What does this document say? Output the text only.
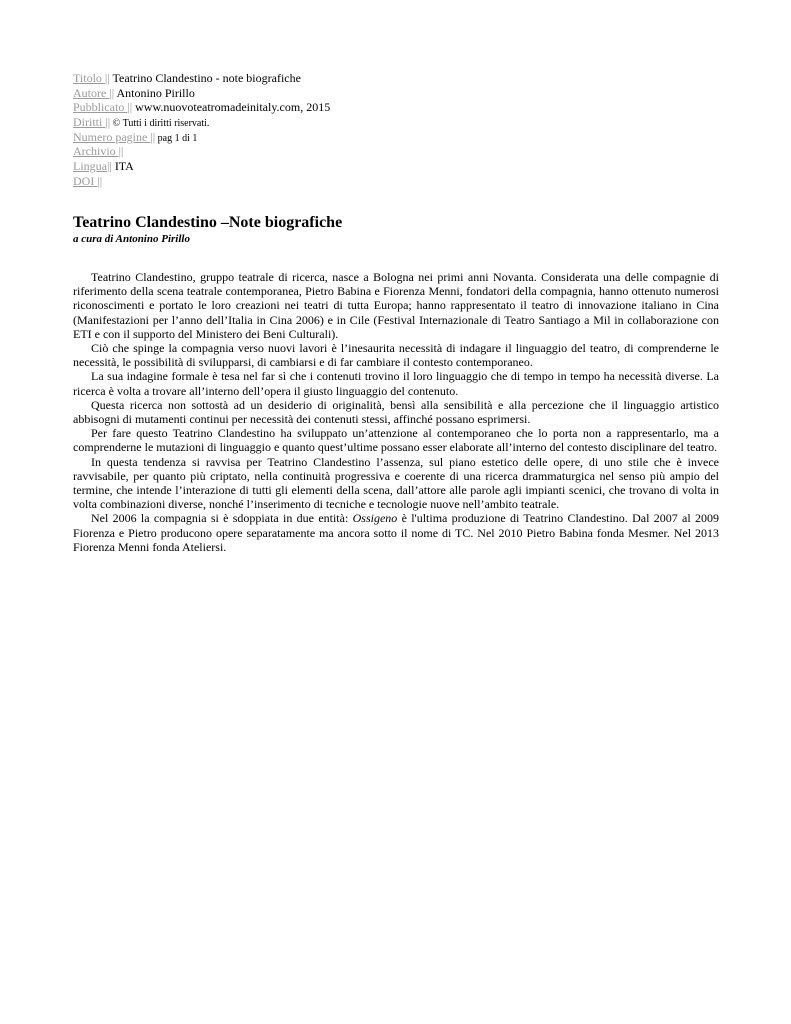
Titolo || Teatrino Clandestino - note biografiche
Autore || Antonino Pirillo
Pubblicato || www.nuovoteatromadeinitaly.com, 2015
Diritti || © Tutti i diritti riservati.
Numero pagine || pag 1 di 1
Archivio ||
Lingua|| ITA
DOI ||
Teatrino Clandestino –Note biografiche

a cura di Antonino Pirillo

Teatrino Clandestino, gruppo teatrale di ricerca, nasce a Bologna nei primi anni Novanta. Considerata una delle compagnie di riferimento della scena teatrale contemporanea, Pietro Babina e Fiorenza Menni, fondatori della compagnia, hanno ottenuto numerosi riconoscimenti e portato le loro creazioni nei teatri di tutta Europa; hanno rappresentato il teatro di innovazione italiano in Cina (Manifestazioni per l’anno dell’Italia in Cina 2006) e in Cile (Festival Internazionale di Teatro Santiago a Mil in collaborazione con ETI e con il supporto del Ministero dei Beni Culturali).

Ciò che spinge la compagnia verso nuovi lavori è l’inesaurita necessità di indagare il linguaggio del teatro, di comprenderne le necessità, le possibilità di svilupparsi, di cambiarsi e di far cambiare il contesto contemporaneo.

La sua indagine formale è tesa nel far sì che i contenuti trovino il loro linguaggio che di tempo in tempo ha necessità diverse. La ricerca è volta a trovare all’interno dell’opera il giusto linguaggio del contenuto.

Questa ricerca non sottostà ad un desiderio di originalità, bensì alla sensibilità e alla percezione che il linguaggio artistico abbisogni di mutamenti continui per necessità dei contenuti stessi, affinché possano esprimersi.

Per fare questo Teatrino Clandestino ha sviluppato un’attenzione al contemporaneo che lo porta non a rappresentarlo, ma a comprenderne le mutazioni di linguaggio e quanto quest’ultime possano esser elaborate all’interno del contesto disciplinare del teatro.

In questa tendenza si ravvisa per Teatrino Clandestino l’assenza, sul piano estetico delle opere, di uno stile che è invece ravvisabile, per quanto più criptato, nella continuità progressiva e coerente di una ricerca drammaturgica nel senso più ampio del termine, che intende l’interazione di tutti gli elementi della scena, dall’attore alle parole agli impianti scenici, che trovano di volta in volta combinazioni diverse, nonché l’inserimento di tecniche e tecnologie nuove nell’ambito teatrale.

Nel 2006 la compagnia si è sdoppiata in due entità: Ossigeno è l'ultima produzione di Teatrino Clandestino. Dal 2007 al 2009 Fiorenza e Pietro producono opere separatamente ma ancora sotto il nome di TC. Nel 2010 Pietro Babina fonda Mesmer. Nel 2013 Fiorenza Menni fonda Ateliersi.
